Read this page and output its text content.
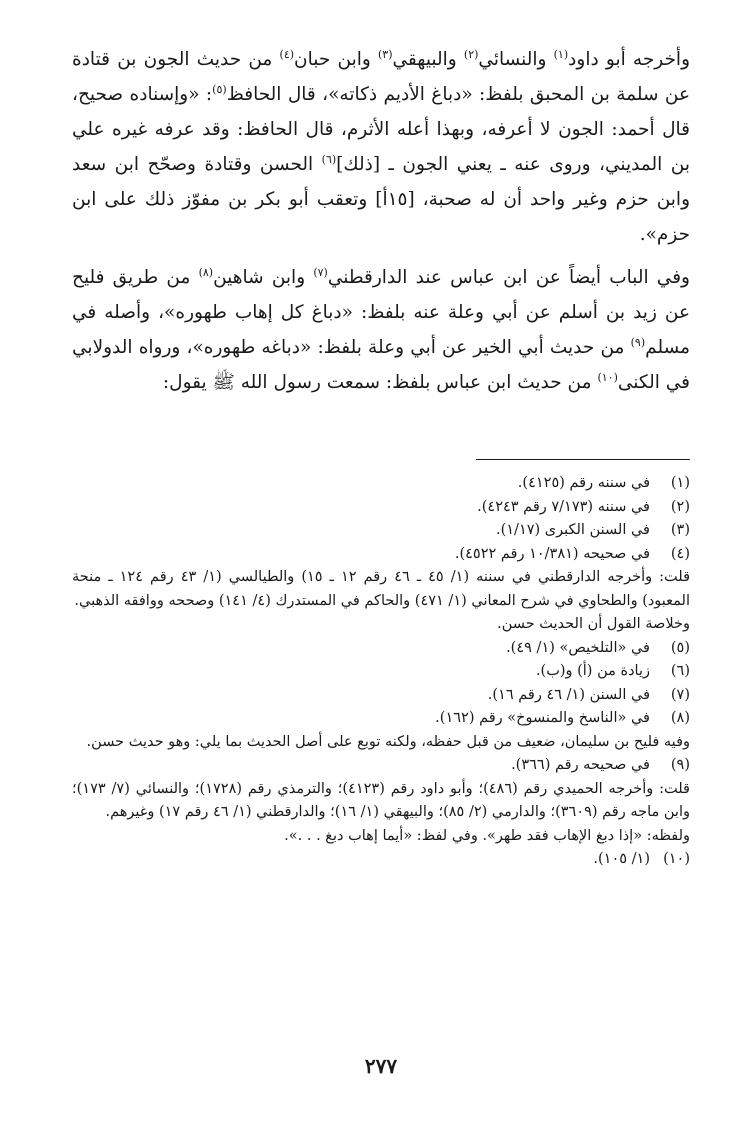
وأخرجه أبو داود$^{(١)}$ والنسائي$^{(٢)}$ والبيهقي$^{(٣)}$ وابن حبان$^{(٤)}$ من حديث الجون بن قتادة عن سلمة بن المحبق بلفظ: «دباغ الأديم ذكاته»، قال الحافظ$^{(٥)}$: «وإسناده صحيح، قال أحمد: الجون لا أعرفه، وبهذا أعله الأثرم، قال الحافظ: وقد عرفه غيره علي بن المديني، وروى عنه ـ يعني الجون ـ [ذلك]$^{(٦)}$ الحسن وقتادة وصحّح ابن سعد وابن حزم وغير واحد أن له صحبة، [١٥أ] وتعقب أبو بكر بن مفوّز ذلك على ابن حزم».

وفي الباب أيضاً عن ابن عباس عند الدارقطني$^{(٧)}$ وابن شاهين$^{(٨)}$ من طريق فليح عن زيد بن أسلم عن أبي وعلة عنه بلفظ: «دباغ كل إهاب طهوره»، وأصله في مسلم$^{(٩)}$ من حديث أبي الخير عن أبي وعلة بلفظ: «دباغه طهوره»، ورواه الدولابي في الكنى$^{(١٠)}$ من حديث ابن عباس بلفظ: سمعت رسول الله ﷺ يقول:

(١)
في سننه رقم (٤١٢٥).
(٢)
في سننه (٧/١٧٣ رقم ٤٢٤٣).
(٣)
في السنن الكبرى (١/١٧).
(٤)
في صحيحه (١٠/٣٨١ رقم ٤٥٢٢).
قلت: وأخرجه الدارقطني في سننه (١/ ٤٥ ـ ٤٦ رقم ١٢ ـ ١٥) والطيالسي (١/ ٤٣ رقم ١٢٤ ـ منحة المعبود) والطحاوي في شرح المعاني (١/ ٤٧١) والحاكم في المستدرك (٤/ ١٤١) وصححه ووافقه الذهبي.
وخلاصة القول أن الحديث حسن.
(٥)
في «التلخيص» (١/ ٤٩).
(٦)
زيادة من (أ) و(ب).
(٧)
في السنن (١/ ٤٦ رقم ١٦).
(٨)
في «الناسخ والمنسوخ» رقم (١٦٢).
وفيه فليح بن سليمان، ضعيف من قبل حفظه، ولكنه توبع على أصل الحديث بما يلي: وهو حديث حسن.
(٩)
في صحيحه رقم (٣٦٦).
قلت: وأخرجه الحميدي رقم (٤٨٦)؛ وأبو داود رقم (٤١٢٣)؛ والترمذي رقم (١٧٢٨)؛ والنسائي (٧/ ١٧٣)؛ وابن ماجه رقم (٣٦٠٩)؛ والدارمي (٢/ ٨٥)؛ والبيهقي (١/ ١٦)؛ والدارقطني (١/ ٤٦ رقم ١٧) وغيرهم.
ولفظه: «إذا دبغ الإهاب فقد طهر». وفي لفظ: «أيما إهاب دبغ . . .».
(١٠)
(١/ ١٠٥).
٢٧٧
